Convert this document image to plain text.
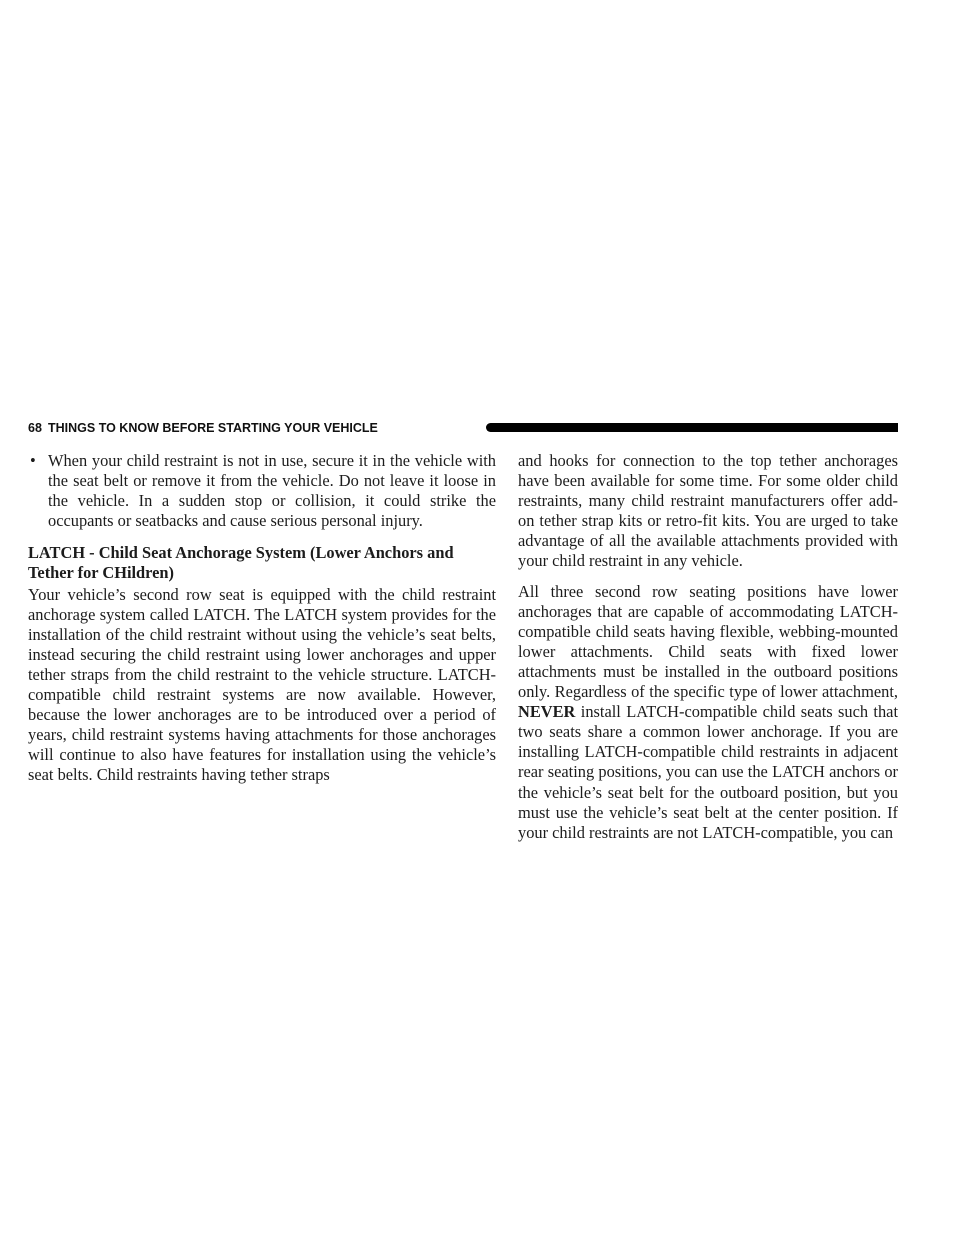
68 THINGS TO KNOW BEFORE STARTING YOUR VEHICLE
• When your child restraint is not in use, secure it in the vehicle with the seat belt or remove it from the vehicle. Do not leave it loose in the vehicle. In a sudden stop or collision, it could strike the occupants or seatbacks and cause serious personal injury.

LATCH - Child Seat Anchorage System (Lower Anchors and Tether for CHildren)

Your vehicle’s second row seat is equipped with the child restraint anchorage system called LATCH. The LATCH system provides for the installation of the child restraint without using the vehicle’s seat belts, instead securing the child restraint using lower anchorages and upper tether straps from the child restraint to the vehicle structure. LATCH-compatible child restraint systems are now available. However, because the lower anchorages are to be introduced over a period of years, child restraint systems having attachments for those anchorages will continue to also have features for installation using the vehicle’s seat belts. Child restraints having tether straps

and hooks for connection to the top tether anchorages have been available for some time. For some older child restraints, many child restraint manufacturers offer add-on tether strap kits or retro-fit kits. You are urged to take advantage of all the available attachments provided with your child restraint in any vehicle.

All three second row seating positions have lower anchorages that are capable of accommodating LATCH-compatible child seats having flexible, webbing-mounted lower attachments. Child seats with fixed lower attachments must be installed in the outboard positions only. Regardless of the specific type of lower attachment, NEVER install LATCH-compatible child seats such that two seats share a common lower anchorage. If you are installing LATCH-compatible child restraints in adjacent rear seating positions, you can use the LATCH anchors or the vehicle’s seat belt for the outboard position, but you must use the vehicle’s seat belt at the center position. If your child restraints are not LATCH-compatible, you can
